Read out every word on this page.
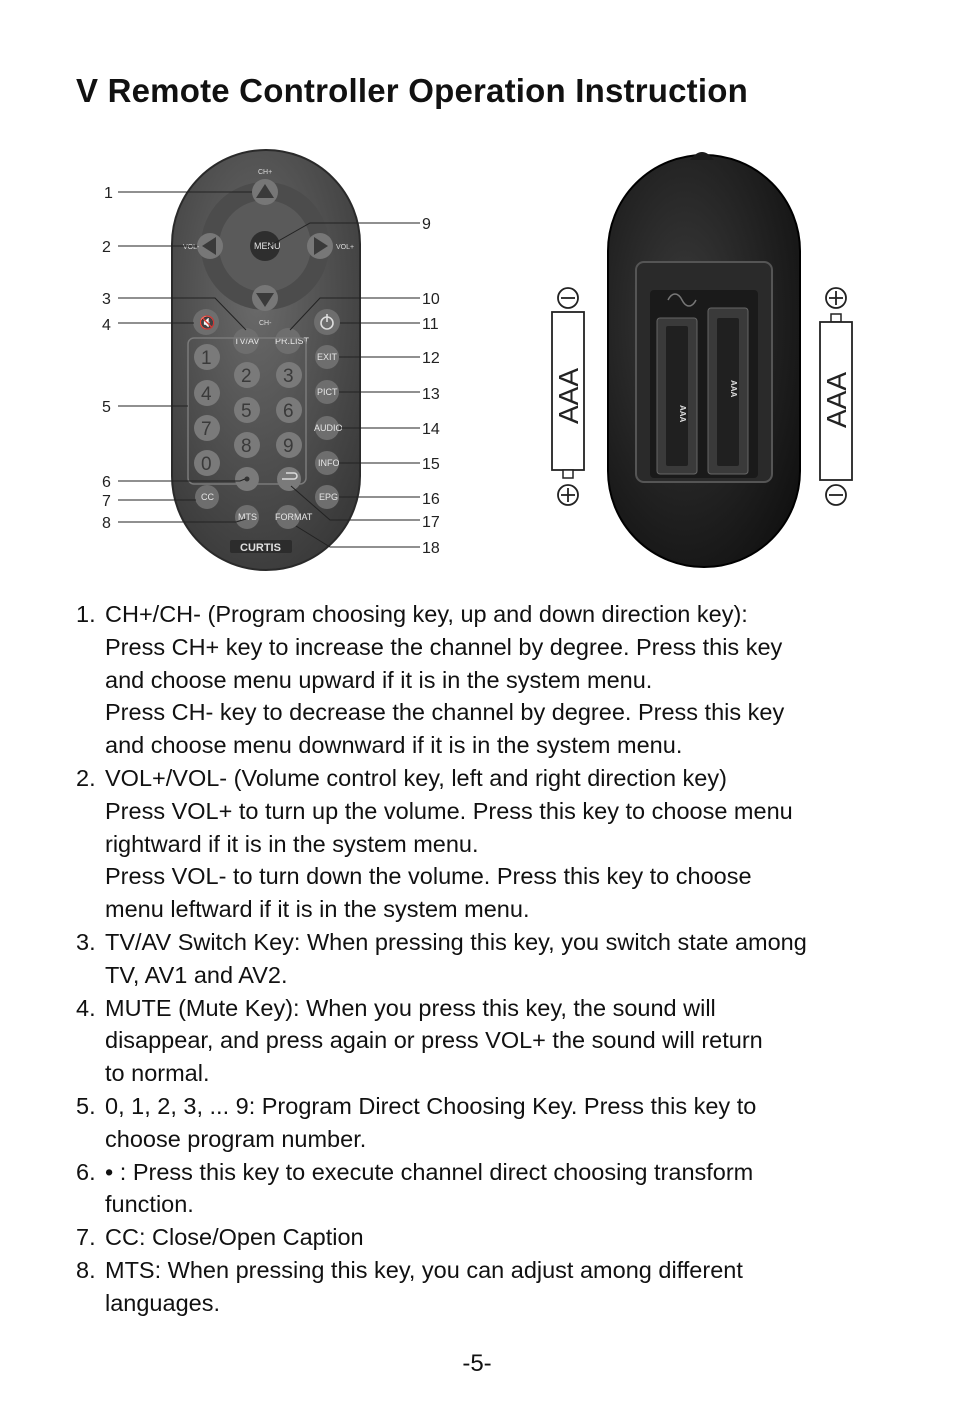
V Remote Controller Operation Instruction
CH+
CH-
VOL-	VOL+
MENU
🔇
TV/AV PR.LIST
1
2 3
4
5 6
7
8 9
0
EXIT
PICT
AUDIO
INFO
EPG
CC
MTS FORMAT
CURTIS
1
2
3
4
5
6
7
8
9
10
11
12
13
14
15
16
17
18
AAA
AAA
AAA	AAA
1. CH+/CH- (Program choosing key, up and down direction key):
Press CH+ key to increase the channel by degree. Press this key
and choose menu upward if it is in the system menu.
Press CH- key to decrease the channel by degree. Press this key
and choose menu downward if it is in the system menu.
2. VOL+/VOL- (Volume control key, left and right direction key)
Press VOL+ to turn up the volume. Press this key to choose menu
rightward if it is in the system menu.
Press VOL- to turn down the volume. Press this key to choose
menu leftward if it is in the system menu.
3. TV/AV Switch Key: When pressing this key, you switch state among
TV, AV1 and AV2.
4. MUTE (Mute Key): When you press this key, the sound will
disappear, and press again or press VOL+ the sound will return
to normal.
5. 0, 1, 2, 3, ... 9: Program Direct Choosing Key. Press this key to
choose program number.
6. • : Press this key to execute channel direct choosing transform
function.
7. CC: Close/Open Caption
8. MTS: When pressing this key, you can adjust among different
languages.
-5-
